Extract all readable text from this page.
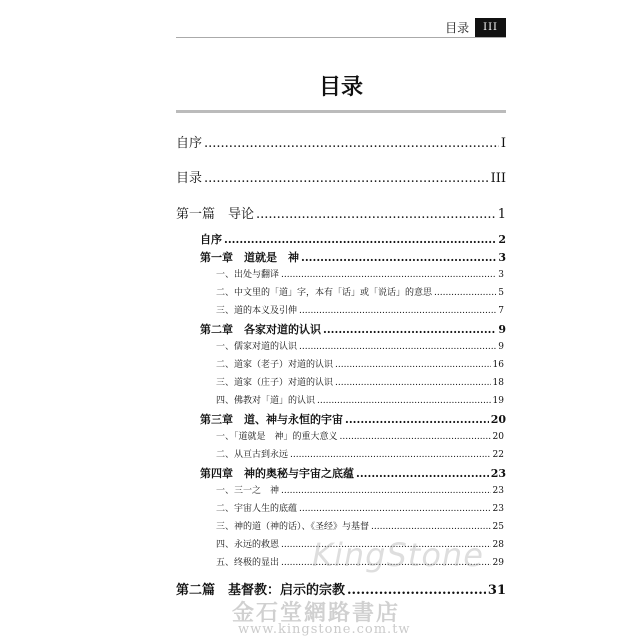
目录	III
目录
自序 .....	I
目录 .....	III
第一篇　导论 .....	1
自序 .....	2
第一章　道就是　神 .....	3
一、出处与翻译 .....	3
二、中文里的「道」字，本有「话」或「说话」的意思 .....	5
三、道的本义及引伸 .....	7
第二章　各家对道的认识 .....	9
一、儒家对道的认识 .....	9
二、道家（老子）对道的认识 .....	16
三、道家（庄子）对道的认识 .....	18
四、佛教对「道」的认识 .....	19
第三章　道、神与永恒的宇宙 .....	20
一、「道就是　神」的重大意义 .....	20
二、从亘古到永远 .....	22
第四章　神的奥秘与宇宙之底蕴 .....	23
一、三一之　神 .....	23
二、宇宙人生的底蕴 .....	23
三、神的道（神的话）、《圣经》与基督 .....	25
四、永远的救恩 .....	28
五、终极的显出 .....	29
第二篇　基督教：启示的宗教 .....	31
KingStone
金石堂網路書店
www.kingstone.com.tw
